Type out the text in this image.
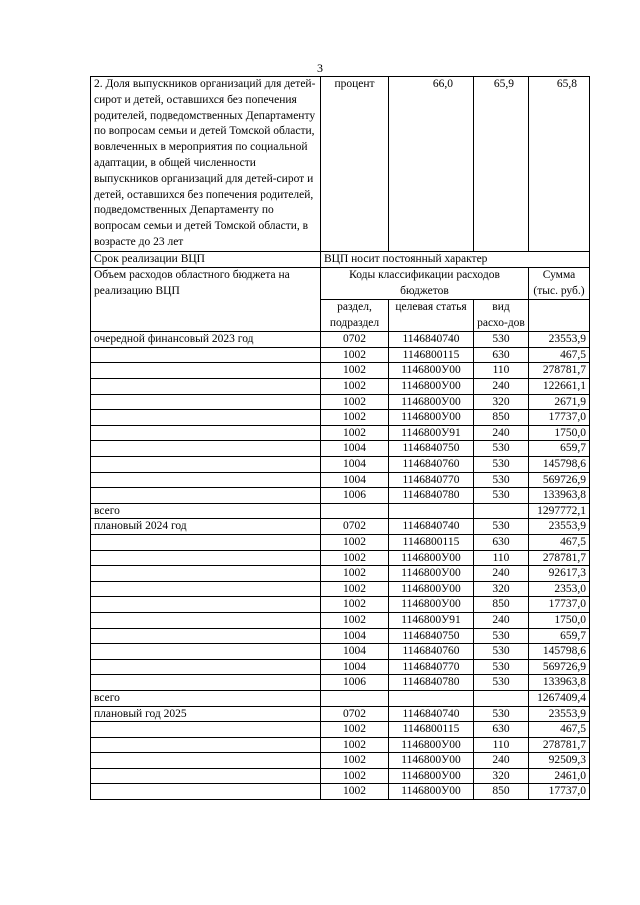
3
2. Доля выпускников организаций для детей-сирот и детей, оставшихся без попечения родителей, подведомственных Департаменту по вопросам семьи и детей Томской области, вовлеченных в мероприятия по социальной адаптации, в общей численности выпускников организаций для детей-сирот и детей, оставшихся без попечения родителей, подведомственных Департаменту по вопросам семьи и детей Томской области, в возрасте до 23 лет	процент	66,0	65,9	65,8
Срок реализации ВЦП	ВЦП носит постоянный характер			
Объем расходов областного бюджета на реализацию ВЦП	Коды классификации расходов бюджетов			Сумма (тыс. руб.)
	раздел, подраздел	целевая статья	вид расхо-дов	
очередной финансовый 2023 год	0702	1146840740	530	23553,9
	1002	1146800115	630	467,5
	1002	1146800У00	110	278781,7
	1002	1146800У00	240	122661,1
	1002	1146800У00	320	2671,9
	1002	1146800У00	850	17737,0
	1002	1146800У91	240	1750,0
	1004	1146840750	530	659,7
	1004	1146840760	530	145798,6
	1004	1146840770	530	569726,9
	1006	1146840780	530	133963,8
всего				1297772,1
плановый 2024 год	0702	1146840740	530	23553,9
	1002	1146800115	630	467,5
	1002	1146800У00	110	278781,7
	1002	1146800У00	240	92617,3
	1002	1146800У00	320	2353,0
	1002	1146800У00	850	17737,0
	1002	1146800У91	240	1750,0
	1004	1146840750	530	659,7
	1004	1146840760	530	145798,6
	1004	1146840770	530	569726,9
	1006	1146840780	530	133963,8
всего				1267409,4
плановый год 2025	0702	1146840740	530	23553,9
	1002	1146800115	630	467,5
	1002	1146800У00	110	278781,7
	1002	1146800У00	240	92509,3
	1002	1146800У00	320	2461,0
	1002	1146800У00	850	17737,0
